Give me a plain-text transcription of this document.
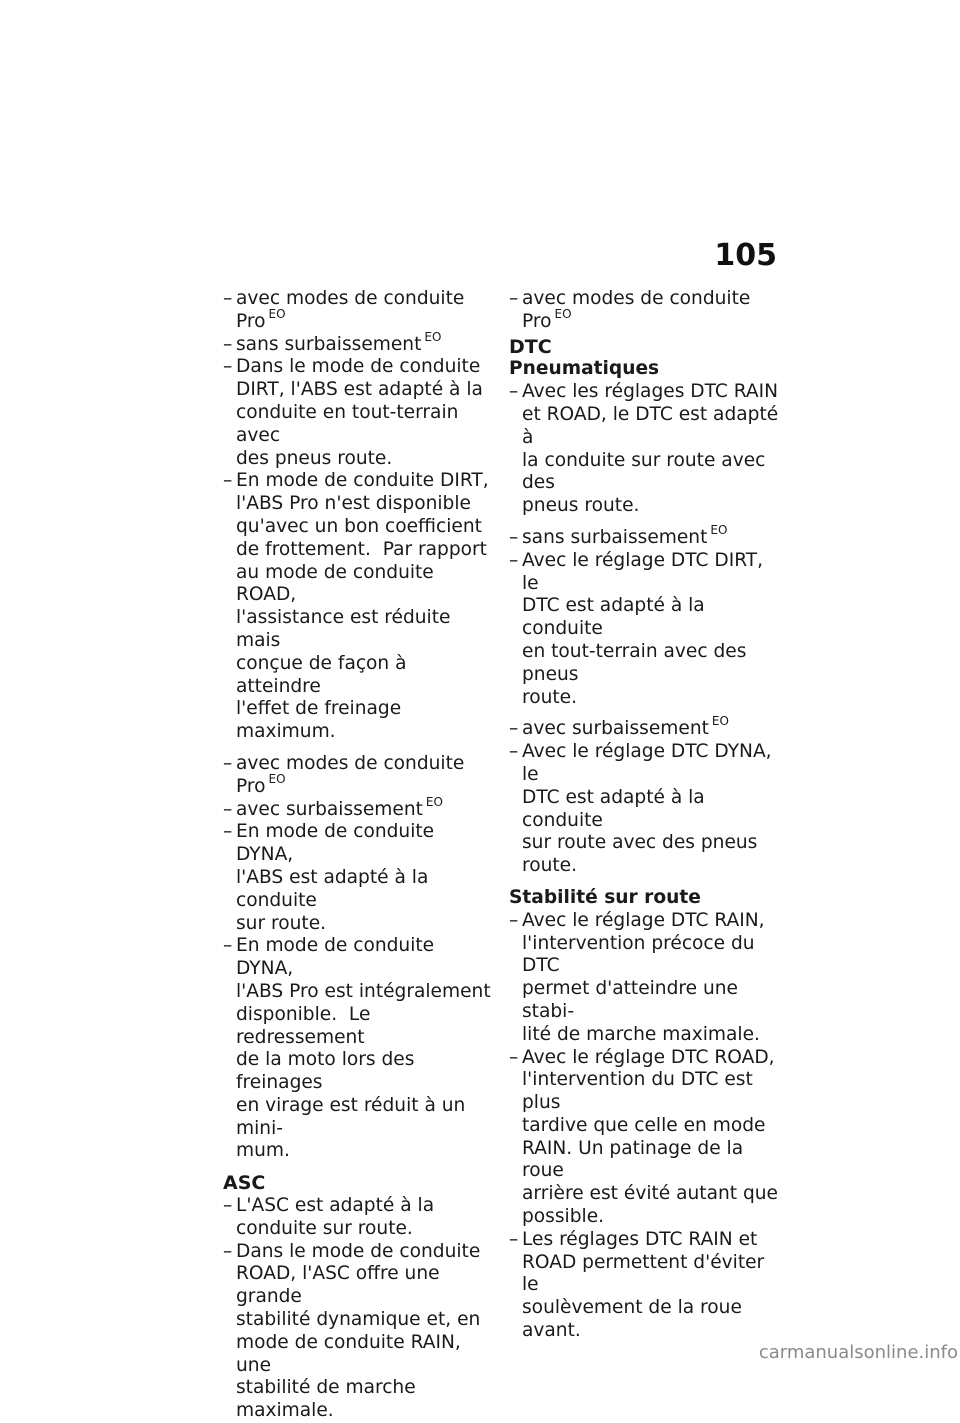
105
– avec modes de conduite
Pro $^{EO}$
– sans surbaissement $^{EO}$
– Dans le mode de conduite
DIRT, l'ABS est adapté à la
conduite en tout-terrain avec
des pneus route.
– En mode de conduite DIRT,
l'ABS Pro n'est disponible
qu'avec un bon coefficient
de frottement.  Par rapport
au mode de conduite ROAD,
l'assistance est réduite mais
conçue de façon à atteindre
l'effet de freinage maximum.
– avec modes de conduite
Pro $^{EO}$
– avec surbaissement $^{EO}$
– En mode de conduite DYNA,
l'ABS est adapté à la conduite
sur route.
– En mode de conduite DYNA,
l'ABS Pro est intégralement
disponible.  Le redressement
de la moto lors des freinages
en virage est réduit à un mini-
mum.
ASC
– L'ASC est adapté à la
conduite sur route.
– Dans le mode de conduite
ROAD, l'ASC offre une grande
stabilité dynamique et, en
mode de conduite RAIN, une
stabilité de marche maximale.
– avec modes de conduite
Pro $^{EO}$
DTC
Pneumatiques
– Avec les réglages DTC RAIN
et ROAD, le DTC est adapté à
la conduite sur route avec des
pneus route.
– sans surbaissement $^{EO}$
– Avec le réglage DTC DIRT, le
DTC est adapté à la conduite
en tout-terrain avec des pneus
route.
– avec surbaissement $^{EO}$
– Avec le réglage DTC DYNA, le
DTC est adapté à la conduite
sur route avec des pneus
route.
Stabilité sur route
– Avec le réglage DTC RAIN,
l'intervention précoce du DTC
permet d'atteindre une stabi-
lité de marche maximale.
– Avec le réglage DTC ROAD,
l'intervention du DTC est plus
tardive que celle en mode
RAIN. Un patinage de la roue
arrière est évité autant que
possible.
– Les réglages DTC RAIN et
ROAD permettent d'éviter le
soulèvement de la roue avant.
carmanualsonline.info
